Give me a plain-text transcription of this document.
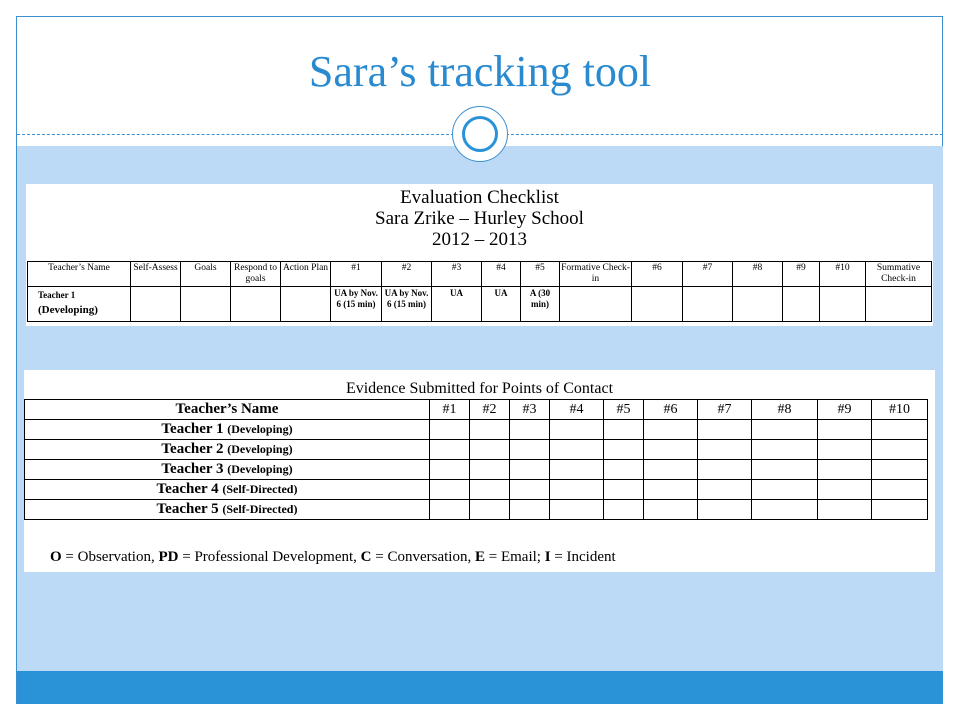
Sara’s tracking tool
Evaluation Checklist
Sara Zrike – Hurley School
2012 – 2013
Teacher’s Name	Self-Assess	Goals	Respond to goals	Action Plan	#1	#2	#3	#4	#5	Formative Check-in	#6	#7	#8	#9	#10	Summative Check-in

Teacher 1
(Developing)					UA by Nov. 6 (15 min)	UA by Nov. 6 (15 min)	UA	UA	A (30 min)							
Evidence Submitted for Points of Contact
Teacher’s Name	#1	#2	#3	#4	#5	#6	#7	#8	#9	#10
Teacher 1 (Developing)										
Teacher 2 (Developing)										
Teacher 3 (Developing)										
Teacher 4 (Self-Directed)										
Teacher 5 (Self-Directed)										
O = Observation, PD = Professional Development, C = Conversation, E = Email; I = Incident
